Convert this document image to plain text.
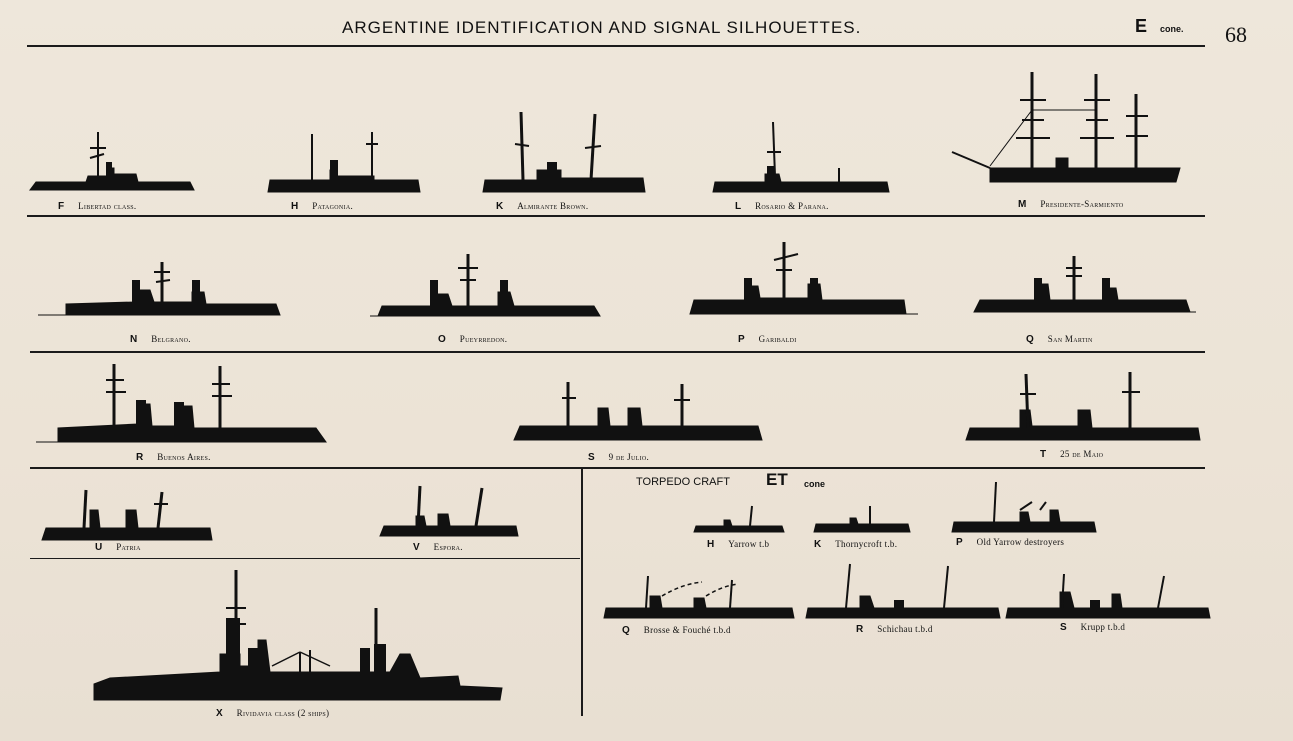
ARGENTINE IDENTIFICATION AND SIGNAL SILHOUETTES.	E cone. 68
F Libertad class.	H Patagonia.	K Almirante Brown.	L Rosario & Parana.	M Presidente-Sarmiento
N Belgrano.	O Pueyrredon.	P Garibaldi	Q San Martin
R Buenos Aires.	S 9 de Julio.	T 25 de Maio
U Patria	V Espora.
X Rividavia class (2 ships)
TORPEDO CRAFT ET cone
H Yarrow t.b	K Thornycroft t.b.	P Old Yarrow destroyers
Q Brosse & Fouché t.b.d	R Schichau t.b.d	S Krupp t.b.d
